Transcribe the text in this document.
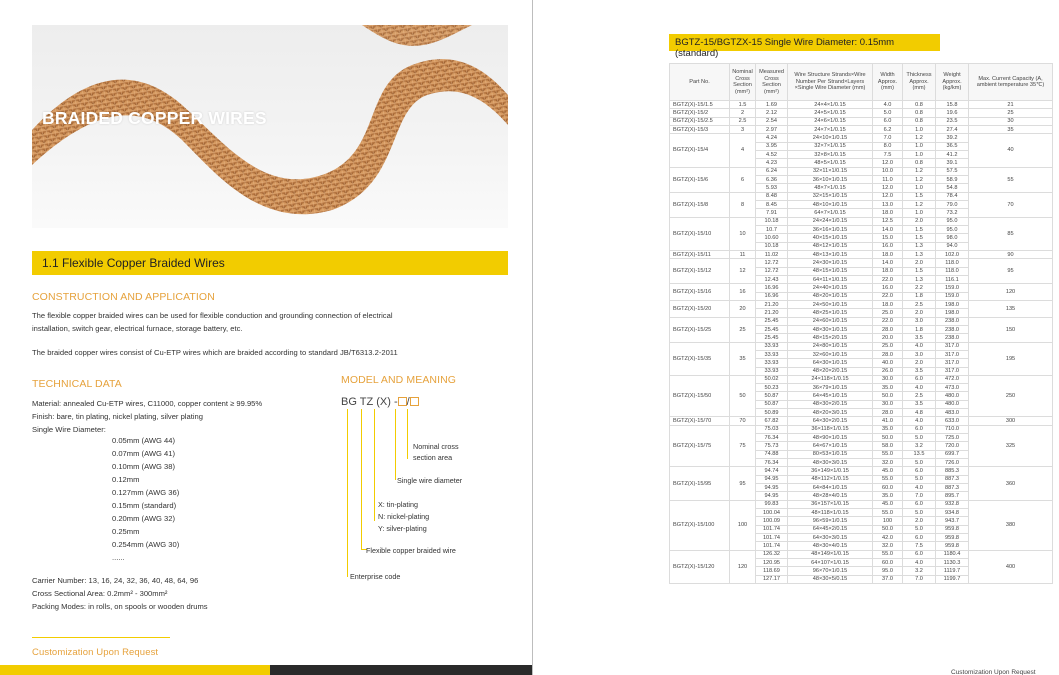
BRAIDED COPPER WIRES
1.1 Flexible Copper Braided Wires
CONSTRUCTION AND APPLICATION
The flexible copper braided wires can be used for flexible conduction and grounding connection of electrical
installation, switch gear, electrical furnace, storage battery, etc.
The braided copper wires consist of Cu-ETP wires which are braided according to standard JB/T6313.2-2011
TECHNICAL DATA
Material: annealed Cu-ETP wires, C11000, copper content ≥ 99.95%
Finish: bare, tin plating, nickel plating, silver plating
Single Wire Diameter:
0.05mm (AWG 44)
0.07mm (AWG 41)
0.10mm (AWG 38)
0.12mm
0.127mm (AWG 36)
0.15mm (standard)
0.20mm (AWG 32)
0.25mm
0.254mm (AWG 30)
......
Carrier Number: 13, 16, 24, 32, 36, 40, 48, 64, 96
Cross Sectional Area: 0.2mm² - 300mm²
Packing Modes: in rolls, on spools or wooden drums
MODEL AND MEANING
BG TZ (X) - /
Nominal cross
section area
Single wire diameter
X: tin-plating
N: nickel-plating
Y: silver-plating
Flexible copper braided wire
Enterprise code
Customization Upon Request
BGTZ-15/BGTZX-15 Single Wire Diameter: 0.15mm (standard)
Part No.	Nominal Cross Section (mm²)	Measured Cross Section (mm²)	Wire Structure Strands×Wire Number Per Strand×Layers ×Single Wire Diameter (mm)	Width Approx. (mm)	Thickness Approx. (mm)	Weight Approx. (kg/km)	Max. Current Capacity (A, ambient temperature 35℃)
BGTZ(X)-15/1.5	1.5	1.69	24×4×1/0.15	4.0	0.8	15.8	21
BGTZ(X)-15/2	2	2.12	24×5×1/0.15	5.0	0.8	19.6	25
BGTZ(X)-15/2.5	2.5	2.54	24×6×1/0.15	6.0	0.8	23.5	30
BGTZ(X)-15/3	3	2.97	24×7×1/0.15	6.2	1.0	27.4	35
BGTZ(X)-15/4	4	4.24	24×10×1/0.15	7.0	1.2	39.2	40
		3.95	32×7×1/0.15	8.0	1.0	36.5	
		4.52	32×8×1/0.15	7.5	1.0	41.2	
		4.23	48×5×1/0.15	12.0	0.8	39.1	
BGTZ(X)-15/6	6	6.24	32×11×1/0.15	10.0	1.2	57.5	55
		6.36	36×10×1/0.15	11.0	1.2	58.9	
		5.93	48×7×1/0.15	12.0	1.0	54.8	
BGTZ(X)-15/8	8	8.48	32×15×1/0.15	12.0	1.5	78.4	70
		8.45	48×10×1/0.15	13.0	1.2	79.0	
		7.91	64×7×1/0.15	18.0	1.0	73.2	
BGTZ(X)-15/10	10	10.18	24×24×1/0.15	12.5	2.0	95.0	85
		10.7	36×16×1/0.15	14.0	1.5	95.0	
		10.60	40×15×1/0.15	15.0	1.5	98.0	
		10.18	48×12×1/0.15	16.0	1.3	94.0	
BGTZ(X)-15/11	11	11.02	48×13×1/0.15	18.0	1.3	102.0	90
BGTZ(X)-15/12	12	12.72	24×30×1/0.15	14.0	2.0	118.0	95
		12.72	48×15×1/0.15	18.0	1.5	118.0	
		12.43	64×11×1/0.15	22.0	1.3	116.1	
BGTZ(X)-15/16	16	16.96	24×40×1/0.15	16.0	2.2	159.0	120
		16.96	48×20×1/0.15	22.0	1.8	159.0	
BGTZ(X)-15/20	20	21.20	24×50×1/0.15	18.0	2.5	198.0	135
		21.20	48×25×1/0.15	25.0	2.0	198.0	
BGTZ(X)-15/25	25	25.45	24×60×1/0.15	22.0	3.0	238.0	150
		25.45	48×30×1/0.15	28.0	1.8	238.0	
		25.45	48×15×2/0.15	20.0	3.5	238.0	
BGTZ(X)-15/35	35	33.93	24×80×1/0.15	25.0	4.0	317.0	195
		33.93	32×60×1/0.15	28.0	3.0	317.0	
		33.93	64×30×1/0.15	40.0	2.0	317.0	
		33.93	48×20×2/0.15	26.0	3.5	317.0	
BGTZ(X)-15/50	50	50.02	24×118×1/0.15	30.0	6.0	472.0	250
		50.23	36×79×1/0.15	35.0	4.0	473.0	
		50.87	64×45×1/0.15	50.0	2.5	480.0	
		50.87	48×30×2/0.15	30.0	3.5	480.0	
		50.89	48×20×3/0.15	28.0	4.8	483.0	
BGTZ(X)-15/70	70	67.82	64×30×2/0.15	41.0	4.0	633.0	300
BGTZ(X)-15/75	75	75.03	36×118×1/0.15	35.0	6.0	710.0	325
		76.34	48×90×1/0.15	50.0	5.0	725.0	
		75.73	64×67×1/0.15	58.0	3.2	720.0	
		74.88	80×53×1/0.15	55.0	13.5	699.7	
		76.34	48×30×3/0.15	32.0	5.0	726.0	
BGTZ(X)-15/95	95	94.74	36×149×1/0.15	45.0	6.0	885.3	360
		94.95	48×112×1/0.15	55.0	5.0	887.3	
		94.95	64×84×1/0.15	60.0	4.0	887.3	
		94.95	48×28×4/0.15	35.0	7.0	895.7	
BGTZ(X)-15/100	100	99.83	36×157×1/0.15	45.0	6.0	932.8	380
		100.04	48×118×1/0.15	55.0	5.0	934.8	
		100.09	96×59×1/0.15	100	2.0	943.7	
		101.74	64×45×2/0.15	50.0	5.0	959.8	
		101.74	64×30×3/0.15	42.0	6.0	959.8	
		101.74	48×30×4/0.15	32.0	7.5	959.8	
BGTZ(X)-15/120	120	126.32	48×149×1/0.15	55.0	6.0	1180.4	400
		120.95	64×107×1/0.15	60.0	4.0	1130.3	
		118.69	96×70×1/0.15	95.0	3.2	1119.7	
		127.17	48×30×5/0.15	37.0	7.0	1199.7	
Customization Upon Request
